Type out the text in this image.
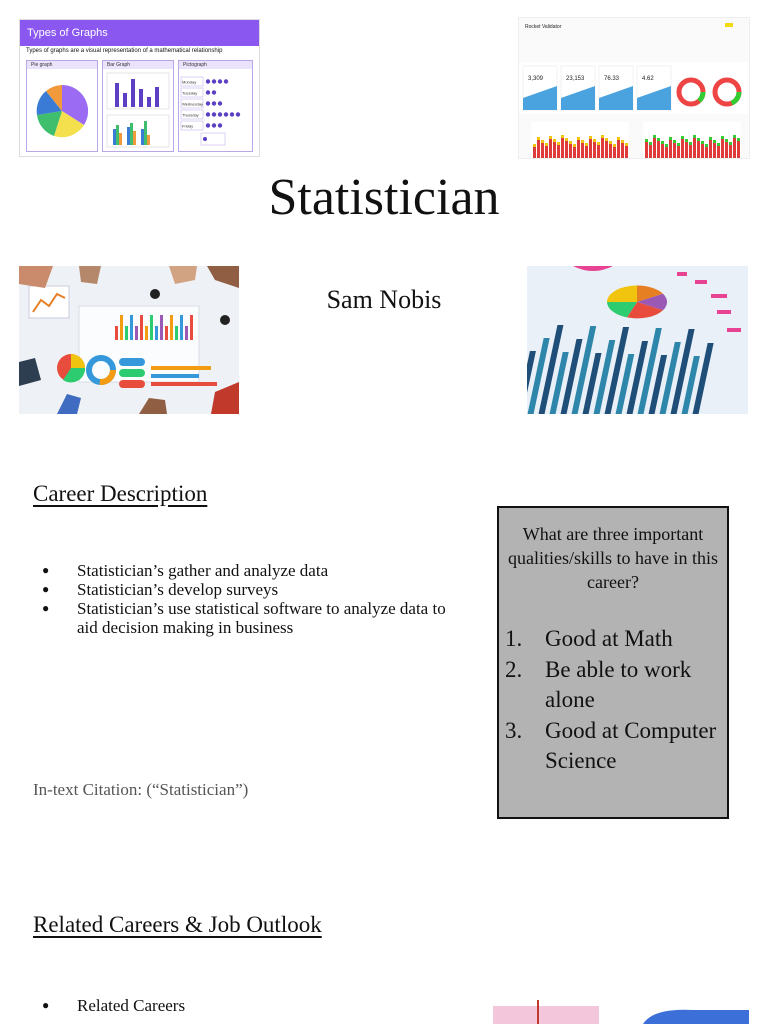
Types of Graphs
Types of graphs are a visual representation of a mathematical relationship
Pie graph	Bar Graph	Pictograph
Monday
Tuesday
Wednesday
Thursday
Friday
Rocket Validator
3,309	23,153	76.33	4.62
Statistician
Sam Nobis
Career Description
● Statistician’s gather and analyze data
● Statistician’s develop surveys
● Statistician’s use statistical software to analyze data to aid decision making in business
In-text Citation: (“Statistician”)
What are three important qualities/skills to have in this career?
1. Good at Math
2. Be able to work alone
3. Good at Computer Science
Related Careers & Job Outlook
● Related Careers
